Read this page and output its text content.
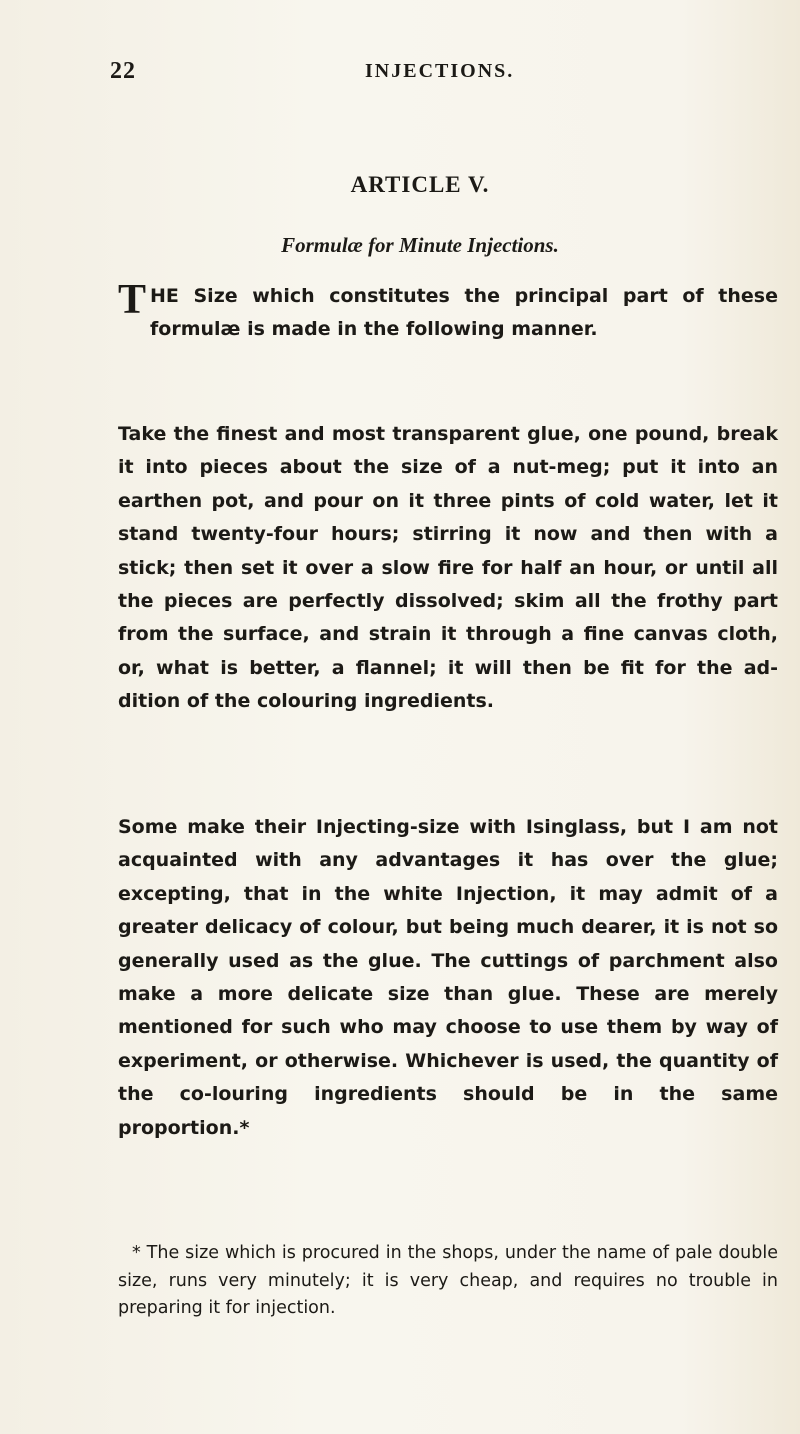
22	INJECTIONS.
ARTICLE V.
Formulæ for Minute Injections.

THE Size which constitutes the principal part of these formulæ is made in the following manner.

Take the finest and most transparent glue, one pound, break it into pieces about the size of a nut-meg; put it into an earthen pot, and pour on it three pints of cold water, let it stand twenty-four hours; stirring it now and then with a stick; then set it over a slow fire for half an hour, or until all the pieces are perfectly dissolved; skim all the frothy part from the surface, and strain it through a fine canvas cloth, or, what is better, a flannel; it will then be fit for the ad-dition of the colouring ingredients.

Some make their Injecting-size with Isinglass, but I am not acquainted with any advantages it has over the glue; excepting, that in the white Injection, it may admit of a greater delicacy of colour, but being much dearer, it is not so generally used as the glue. The cuttings of parchment also make a more delicate size than glue. These are merely mentioned for such who may choose to use them by way of experiment, or otherwise. Whichever is used, the quantity of the co-louring ingredients should be in the same proportion.*

* The size which is procured in the shops, under the name of pale double size, runs very minutely; it is very cheap, and requires no trouble in preparing it for injection.
